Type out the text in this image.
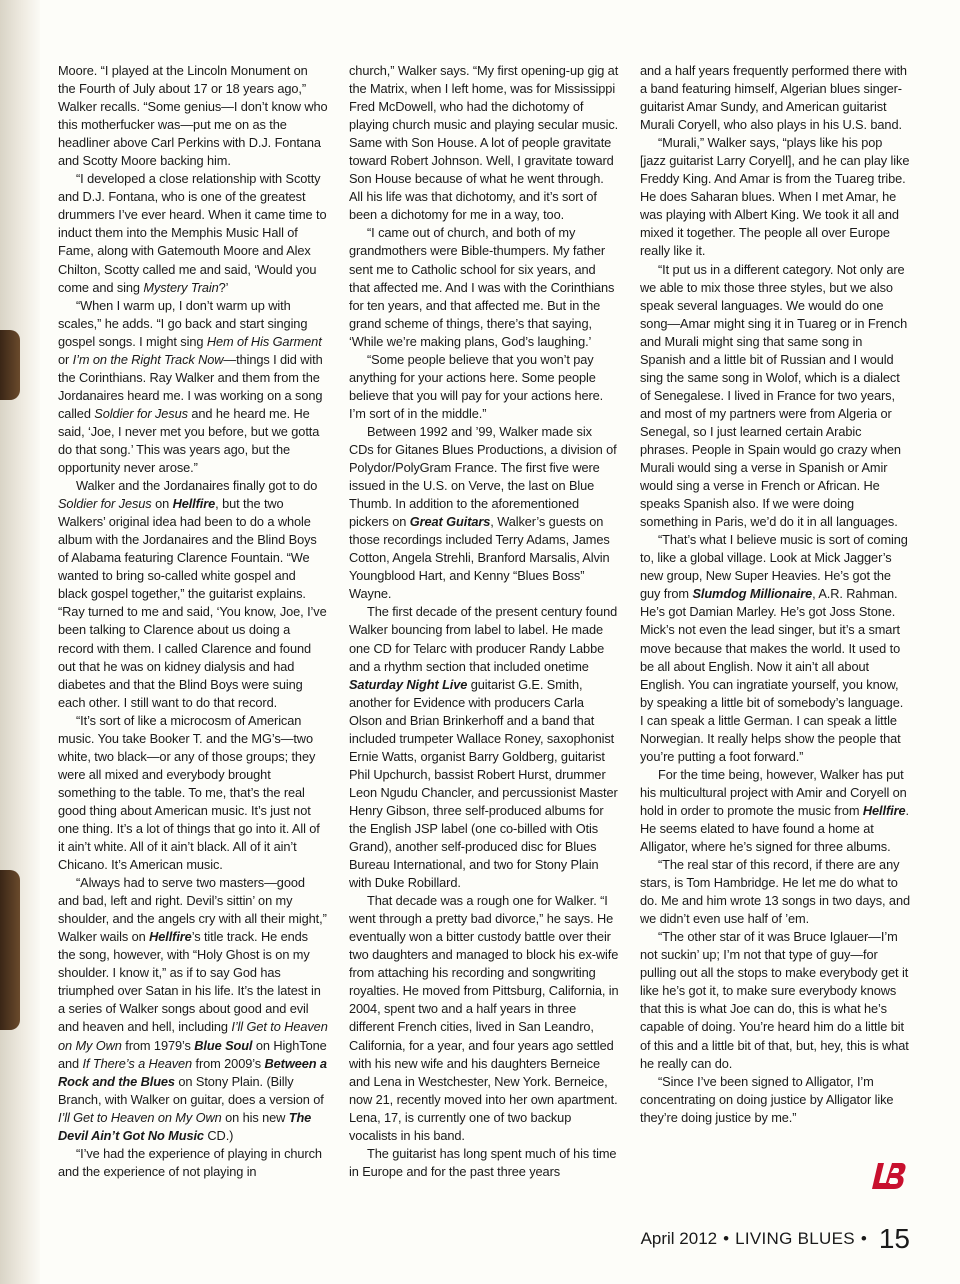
Moore. “I played at the Lincoln Monument on the Fourth of July about 17 or 18 years ago,” Walker recalls. “Some genius—I don’t know who this motherfucker was—put me on as the headliner above Carl Perkins with D.J. Fontana and Scotty Moore backing him.

“I developed a close relationship with Scotty and D.J. Fontana, who is one of the greatest drummers I’ve ever heard. When it came time to induct them into the Memphis Music Hall of Fame, along with Gatemouth Moore and Alex Chilton, Scotty called me and said, ‘Would you come and sing Mystery Train?’

“When I warm up, I don’t warm up with scales,” he adds. “I go back and start singing gospel songs. I might sing Hem of His Garment or I’m on the Right Track Now—things I did with the Corinthians. Ray Walker and them from the Jordanaires heard me. I was working on a song called Soldier for Jesus and he heard me. He said, ‘Joe, I never met you before, but we gotta do that song.’ This was years ago, but the opportunity never arose.”

Walker and the Jordanaires finally got to do Soldier for Jesus on Hellfire, but the two Walkers’ original idea had been to do a whole album with the Jordanaires and the Blind Boys of Alabama featuring Clarence Fountain. “We wanted to bring so-called white gospel and black gospel together,” the guitarist explains. “Ray turned to me and said, ‘You know, Joe, I’ve been talking to Clarence about us doing a record with them. I called Clarence and found out that he was on kidney dialysis and had diabetes and that the Blind Boys were suing each other. I still want to do that record.

“It’s sort of like a microcosm of American music. You take Booker T. and the MG’s—two white, two black—or any of those groups; they were all mixed and everybody brought something to the table. To me, that’s the real good thing about American music. It’s just not one thing. It’s a lot of things that go into it. All of it ain’t white. All of it ain’t black. All of it ain’t Chicano. It’s American music.

“Always had to serve two masters—good and bad, left and right. Devil’s sittin’ on my shoulder, and the angels cry with all their might,” Walker wails on Hellfire’s title track. He ends the song, however, with “Holy Ghost is on my shoulder. I know it,” as if to say God has triumphed over Satan in his life. It’s the latest in a series of Walker songs about good and evil and heaven and hell, including I’ll Get to Heaven on My Own from 1979’s Blue Soul on HighTone and If There’s a Heaven from 2009’s Between a Rock and the Blues on Stony Plain. (Billy Branch, with Walker on guitar, does a version of I’ll Get to Heaven on My Own on his new The Devil Ain’t Got No Music CD.)

“I’ve had the experience of playing in church and the experience of not playing in

church,” Walker says. “My first opening-up gig at the Matrix, when I left home, was for Mississippi Fred McDowell, who had the dichotomy of playing church music and playing secular music. Same with Son House. A lot of people gravitate toward Robert Johnson. Well, I gravitate toward Son House because of what he went through. All his life was that dichotomy, and it’s sort of been a dichotomy for me in a way, too.

“I came out of church, and both of my grandmothers were Bible-thumpers. My father sent me to Catholic school for six years, and that affected me. And I was with the Corinthians for ten years, and that affected me. But in the grand scheme of things, there’s that saying, ‘While we’re making plans, God’s laughing.’

“Some people believe that you won’t pay anything for your actions here. Some people believe that you will pay for your actions here. I’m sort of in the middle.”

Between 1992 and ’99, Walker made six CDs for Gitanes Blues Productions, a division of Polydor/PolyGram France. The first five were issued in the U.S. on Verve, the last on Blue Thumb. In addition to the aforementioned pickers on Great Guitars, Walker’s guests on those recordings included Terry Adams, James Cotton, Angela Strehli, Branford Marsalis, Alvin Youngblood Hart, and Kenny “Blues Boss” Wayne.

The first decade of the present century found Walker bouncing from label to label. He made one CD for Telarc with producer Randy Labbe and a rhythm section that included onetime Saturday Night Live guitarist G.E. Smith, another for Evidence with producers Carla Olson and Brian Brinkerhoff and a band that included trumpeter Wallace Roney, saxophonist Ernie Watts, organist Barry Goldberg, guitarist Phil Upchurch, bassist Robert Hurst, drummer Leon Ngudu Chancler, and percussionist Master Henry Gibson, three self-produced albums for the English JSP label (one co-billed with Otis Grand), another self-produced disc for Blues Bureau International, and two for Stony Plain with Duke Robillard.

That decade was a rough one for Walker. “I went through a pretty bad divorce,” he says. He eventually won a bitter custody battle over their two daughters and managed to block his ex-wife from attaching his recording and songwriting royalties. He moved from Pittsburg, California, in 2004, spent two and a half years in three different French cities, lived in San Leandro, California, for a year, and four years ago settled with his new wife and his daughters Berneice and Lena in Westchester, New York. Berneice, now 21, recently moved into her own apartment. Lena, 17, is currently one of two backup vocalists in his band.

The guitarist has long spent much of his time in Europe and for the past three years

and a half years frequently performed there with a band featuring himself, Algerian blues singer-guitarist Amar Sundy, and American guitarist Murali Coryell, who also plays in his U.S. band.

“Murali,” Walker says, “plays like his pop [jazz guitarist Larry Coryell], and he can play like Freddy King. And Amar is from the Tuareg tribe. He does Saharan blues. When I met Amar, he was playing with Albert King. We took it all and mixed it together. The people all over Europe really like it.

“It put us in a different category. Not only are we able to mix those three styles, but we also speak several languages. We would do one song—Amar might sing it in Tuareg or in French and Murali might sing that same song in Spanish and a little bit of Russian and I would sing the same song in Wolof, which is a dialect of Senegalese. I lived in France for two years, and most of my partners were from Algeria or Senegal, so I just learned certain Arabic phrases. People in Spain would go crazy when Murali would sing a verse in Spanish or Amir would sing a verse in French or African. He speaks Spanish also. If we were doing something in Paris, we’d do it in all languages.

“That’s what I believe music is sort of coming to, like a global village. Look at Mick Jagger’s new group, New Super Heavies. He’s got the guy from Slumdog Millionaire, A.R. Rahman. He’s got Damian Marley. He’s got Joss Stone. Mick’s not even the lead singer, but it’s a smart move because that makes the world. It used to be all about English. Now it ain’t all about English. You can ingratiate yourself, you know, by speaking a little bit of somebody’s language. I can speak a little German. I can speak a little Norwegian. It really helps show the people that you’re putting a foot forward.”

For the time being, however, Walker has put his multicultural project with Amir and Coryell on hold in order to promote the music from Hellfire. He seems elated to have found a home at Alligator, where he’s signed for three albums.

“The real star of this record, if there are any stars, is Tom Hambridge. He let me do what to do. Me and him wrote 13 songs in two days, and we didn’t even use half of ’em.

“The other star of it was Bruce Iglauer—I’m not suckin’ up; I’m not that type of guy—for pulling out all the stops to make everybody get it like he’s got it, to make sure everybody knows that this is what Joe can do, this is what he’s capable of doing. You’re heard him do a little bit of this and a little bit of that, but, hey, this is what he really can do.

“Since I’ve been signed to Alligator, I’m concentrating on doing justice by Alligator like they’re doing justice by me.”

April 2012 • LIVING BLUES • 15
